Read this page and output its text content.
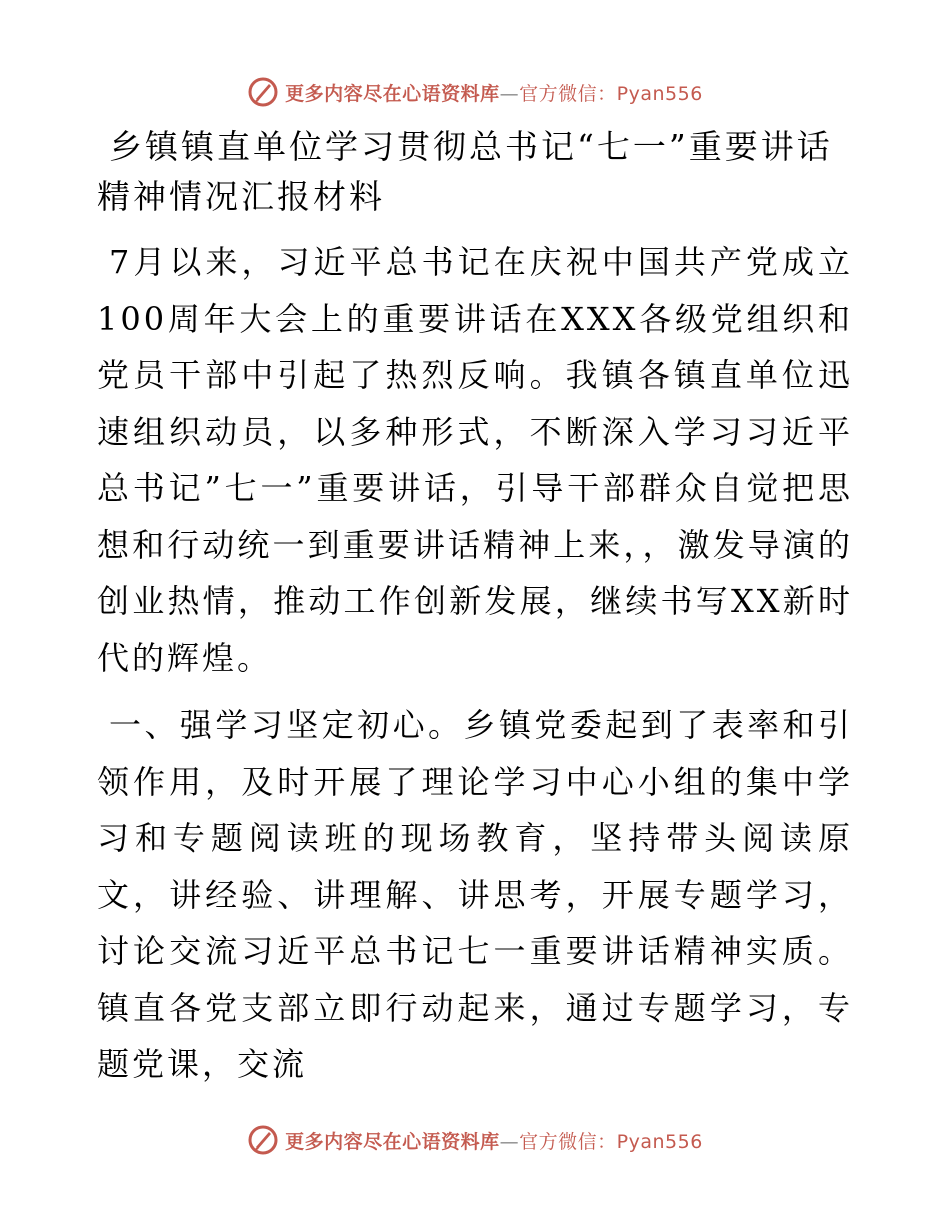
更多内容尽在心语资料库—官方微信：Pyan556
乡镇镇直单位学习贯彻总书记“七一”重要讲话精神情况汇报材料

7月以来，习近平总书记在庆祝中国共产党成立100周年大会上的重要讲话在XXX各级党组织和党员干部中引起了热烈反响。我镇各镇直单位迅速组织动员，以多种形式，不断深入学习习近平总书记”七一”重要讲话，引导干部群众自觉把思想和行动统一到重要讲话精神上来，，激发导演的创业热情，推动工作创新发展，继续书写XX新时代的辉煌。

一、强学习坚定初心。乡镇党委起到了表率和引领作用，及时开展了理论学习中心小组的集中学习和专题阅读班的现场教育，坚持带头阅读原文，讲经验、讲理解、讲思考，开展专题学习，讨论交流习近平总书记七一重要讲话精神实质。镇直各党支部立即行动起来，通过专题学习，专题党课，交流

更多内容尽在心语资料库—官方微信：Pyan556
